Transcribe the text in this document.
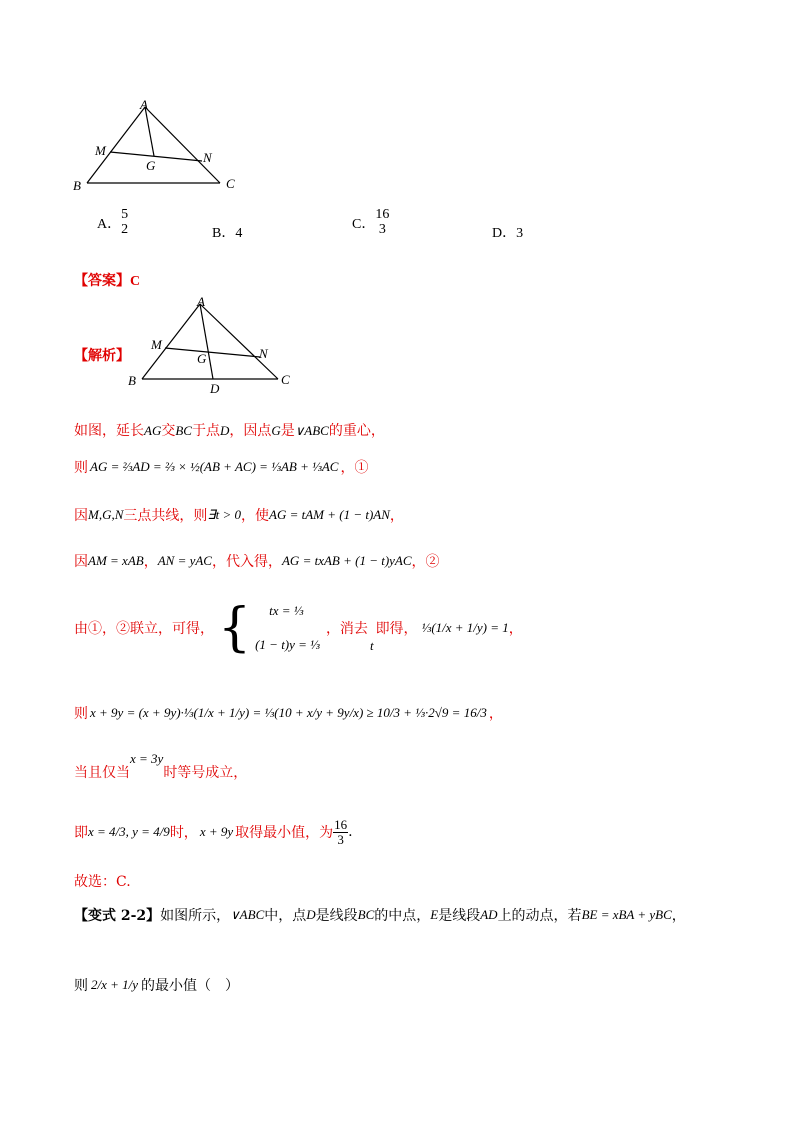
A
M
G
N
B	C
A．
5
2	B．4
C．
16
3	D．3
【答案】C
【解析】
A
M
G	N
B
D
C
如图，延长AG交BC于点D，因点G是∨ABC的重心，
则 AG = ⅔AD = ⅔ × ½(AB + AC) = ⅓AB + ⅓AC ，①
因 M,G,N 三点共线，则 ∃t > 0 ，使 AG = tAM + (1 − t)AN ，
因 AM = xAB ， AN = yAC ，代入得， AG = txAB + (1 − t)yAC ，②
由①，②联立，可得， {	tx = ⅓
(1 − t)y = ⅓
，消去
t
即得， ⅓(1/x + 1/y) = 1 ，
则 x + 9y = (x + 9y)·⅓(1/x + 1/y) = ⅓(10 + x/y + 9y/x) ≥ 10/3 + ⅓·2√9 = 16/3 ，
当且仅当x = 3y时等号成立，
即 x = 4/3, y = 4/9 时， x + 9y 取得最小值，为 $\frac{16}{3}$ .
故选：C.
【变式 2-2】 如图所示， ∨ABC 中，点 D 是线段 BC 的中点， E 是线段 AD 上的动点，若 BE = xBA + yBC ，
则 2/x + 1/y 的最小值（　）
